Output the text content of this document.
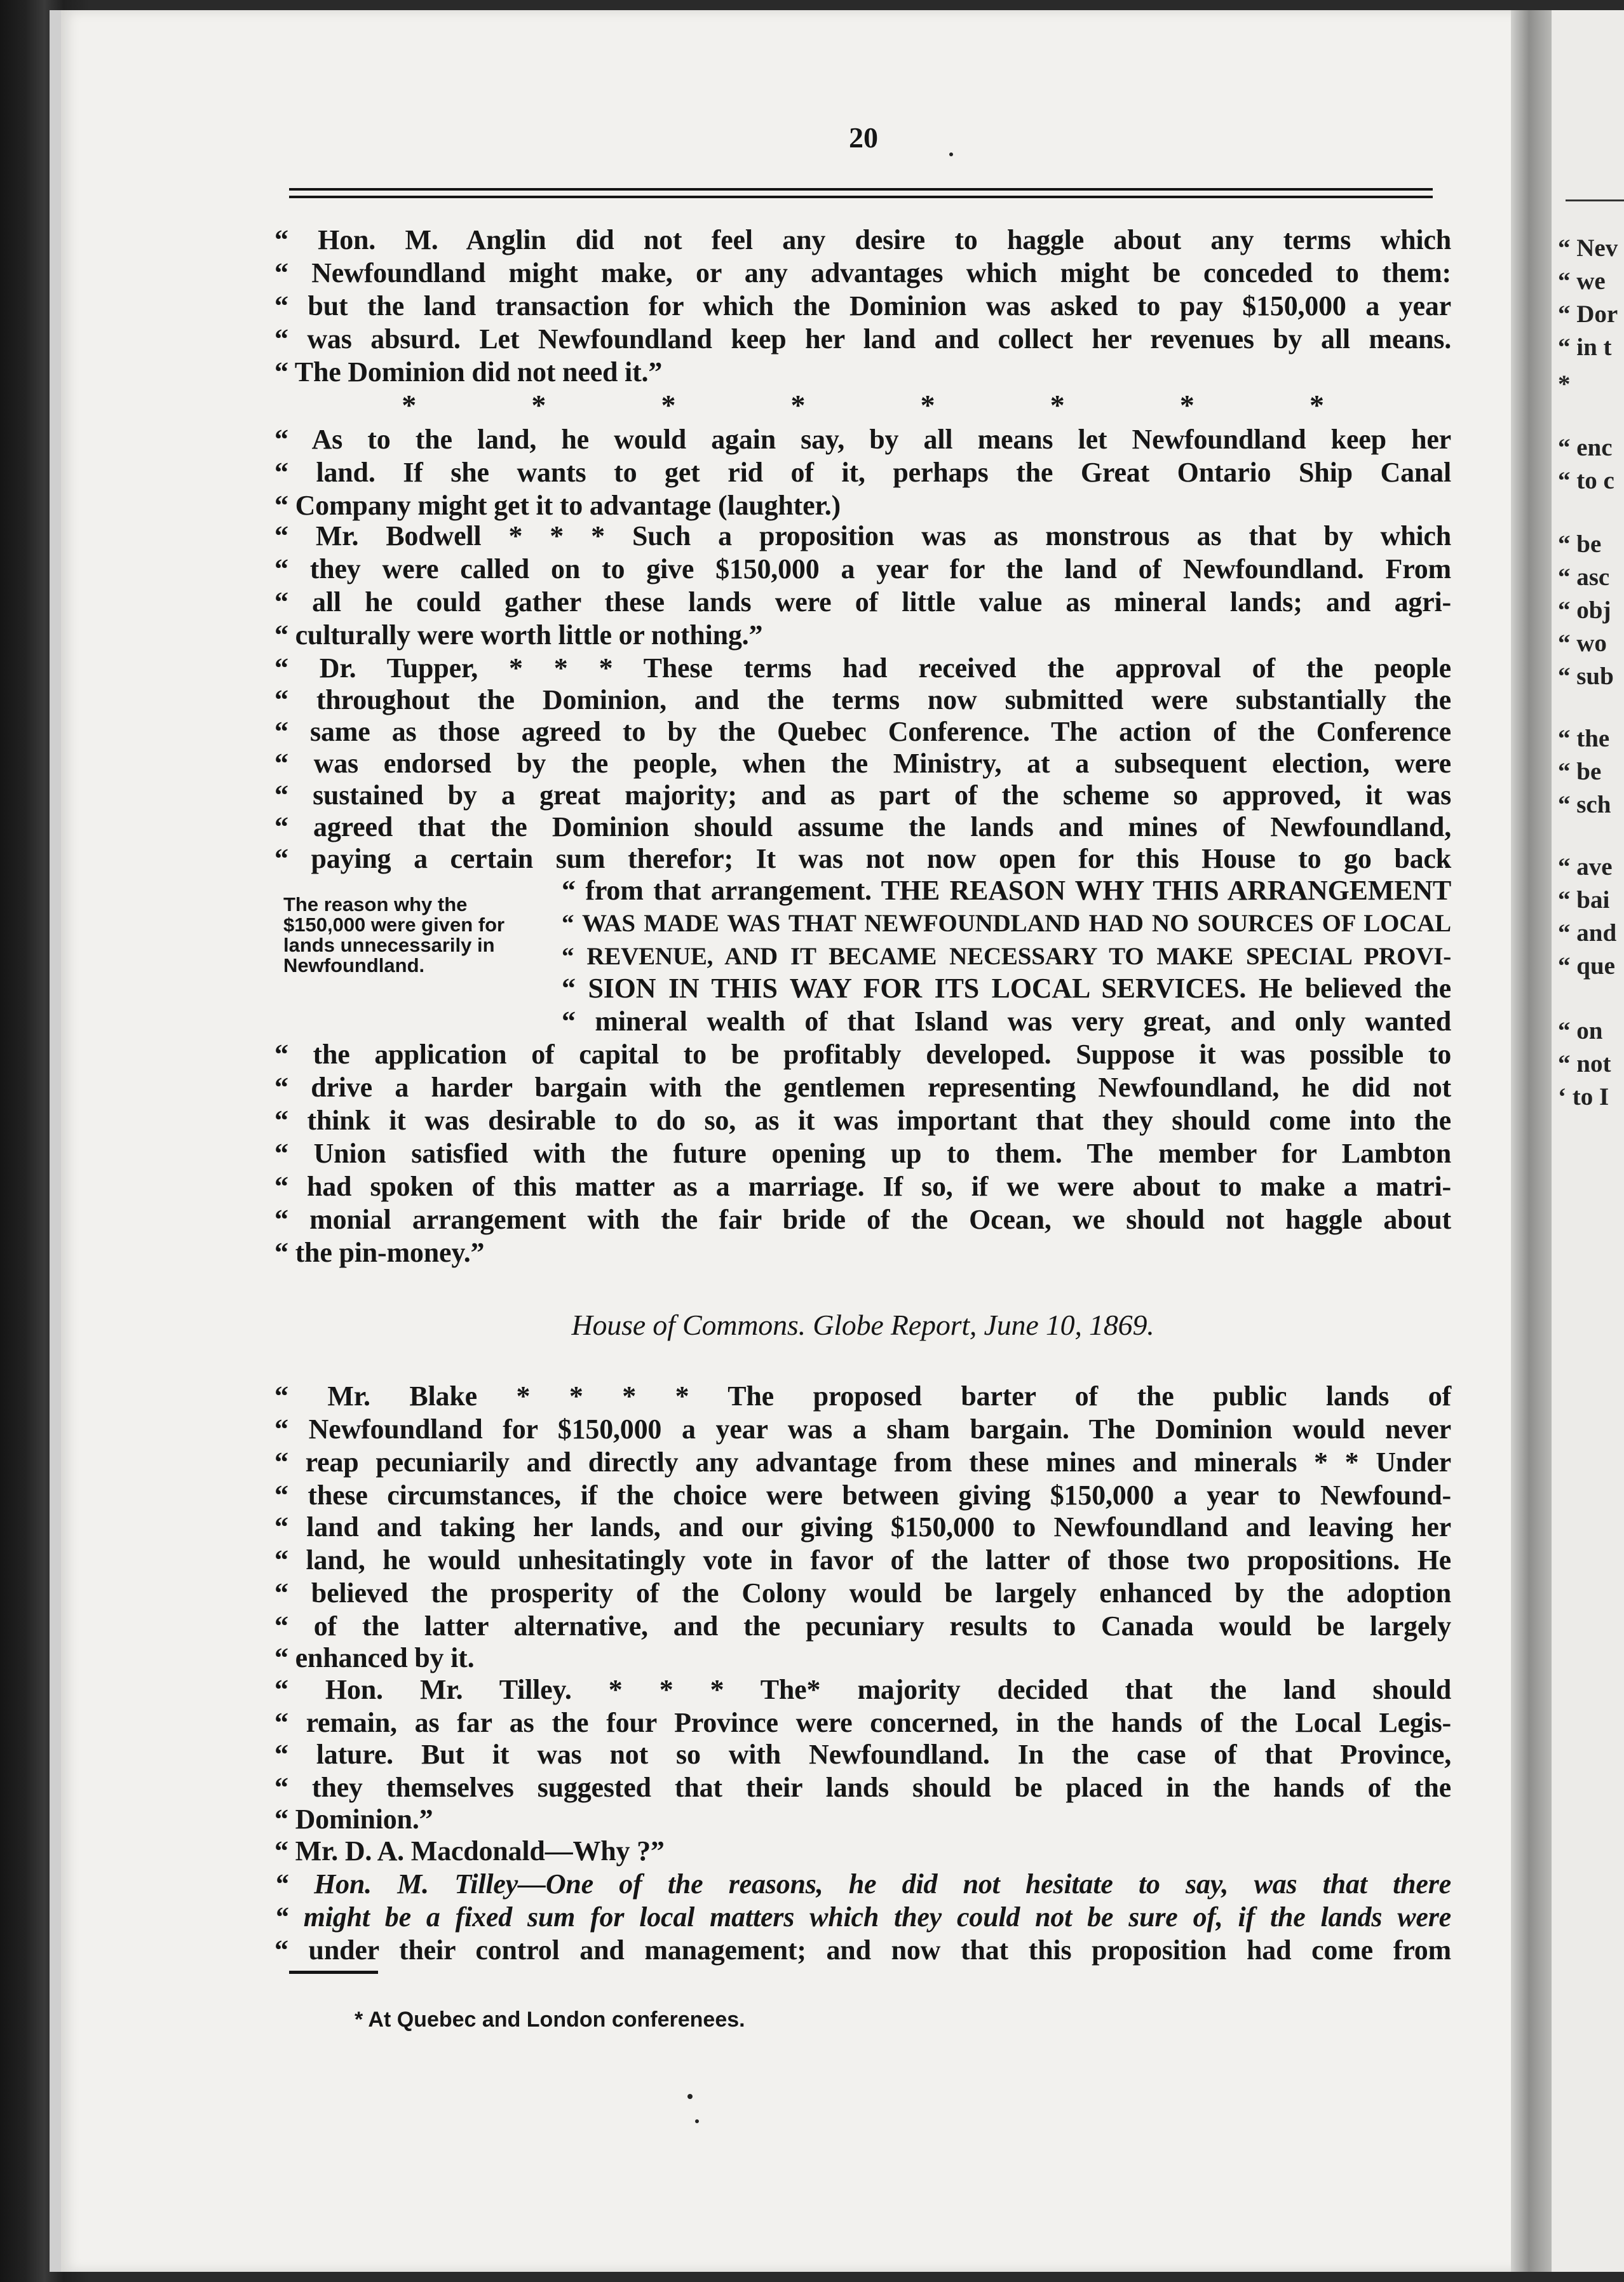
“ Nev
“ we
“ Dor
“ in t
*
“ enc
“ to c
“ be
“ asc
“ obj
“ wo
“ sub
“ the
“ be
“ sch
“ ave
“ bai
“ and
“ que
“ on
“ not
‘ to I
20
“ Hon. M. Anglin did not feel any desire to haggle about any terms which
“ Newfoundland might make, or any advantages which might be conceded to them:
“ but the land transaction for which the Dominion was asked to pay $150,000 a year
“ was absurd. Let Newfoundland keep her land and collect her revenues by all means.
“ The Dominion did not need it.”
* * * * * * * *
“ As to the land, he would again say, by all means let Newfoundland keep her
“ land. If she wants to get rid of it, perhaps the Great Ontario Ship Canal
“ Company might get it to advantage (laughter.)
“ Mr. Bodwell * * * Such a proposition was as monstrous as that by which
“ they were called on to give $150,000 a year for the land of Newfoundland. From
“ all he could gather these lands were of little value as mineral lands; and agri-
“ culturally were worth little or nothing.”
“ Dr. Tupper, * * * These terms had received the approval of the people
“ throughout the Dominion, and the terms now submitted were substantially the
“ same as those agreed to by the Quebec Conference. The action of the Conference
“ was endorsed by the people, when the Ministry, at a subsequent election, were
“ sustained by a great majority; and as part of the scheme so approved, it was
“ agreed that the Dominion should assume the lands and mines of Newfoundland,
“ paying a certain sum therefor; It was not now open for this House to go back
The reason why the
$150,000 were given for
lands unnecessarily in
Newfoundland.
“ from that arrangement. THE REASON WHY THIS ARRANGEMENT
“ WAS MADE WAS THAT NEWFOUNDLAND HAD NO SOURCES OF LOCAL
“ REVENUE, AND IT BECAME NECESSARY TO MAKE SPECIAL PROVI-
“ SION IN THIS WAY FOR ITS LOCAL SERVICES. He believed the
“ mineral wealth of that Island was very great, and only wanted
“ the application of capital to be profitably developed. Suppose it was possible to
“ drive a harder bargain with the gentlemen representing Newfoundland, he did not
“ think it was desirable to do so, as it was important that they should come into the
“ Union satisfied with the future opening up to them. The member for Lambton
“ had spoken of this matter as a marriage. If so, if we were about to make a matri-
“ monial arrangement with the fair bride of the Ocean, we should not haggle about
“ the pin-money.”
House of Commons. Globe Report, June 10, 1869.
“ Mr. Blake * * * * The proposed barter of the public lands of
“ Newfoundland for $150,000 a year was a sham bargain. The Dominion would never
“ reap pecuniarily and directly any advantage from these mines and minerals * * Under
“ these circumstances, if the choice were between giving $150,000 a year to Newfound-
“ land and taking her lands, and our giving $150,000 to Newfoundland and leaving her
“ land, he would unhesitatingly vote in favor of the latter of those two propositions. He
“ believed the prosperity of the Colony would be largely enhanced by the adoption
“ of the latter alternative, and the pecuniary results to Canada would be largely
“ enhanced by it.
“ Hon. Mr. Tilley. * * * The* majority decided that the land should
“ remain, as far as the four Province were concerned, in the hands of the Local Legis-
“ lature. But it was not so with Newfoundland. In the case of that Province,
“ they themselves suggested that their lands should be placed in the hands of the
“ Dominion.”
“ Mr. D. A. Macdonald—Why ?”
“ Hon. M. Tilley—One of the reasons, he did not hesitate to say, was that there
“ might be a fixed sum for local matters which they could not be sure of, if the lands were
“ under their control and management; and now that this proposition had come from
* At Quebec and London conferenees.
